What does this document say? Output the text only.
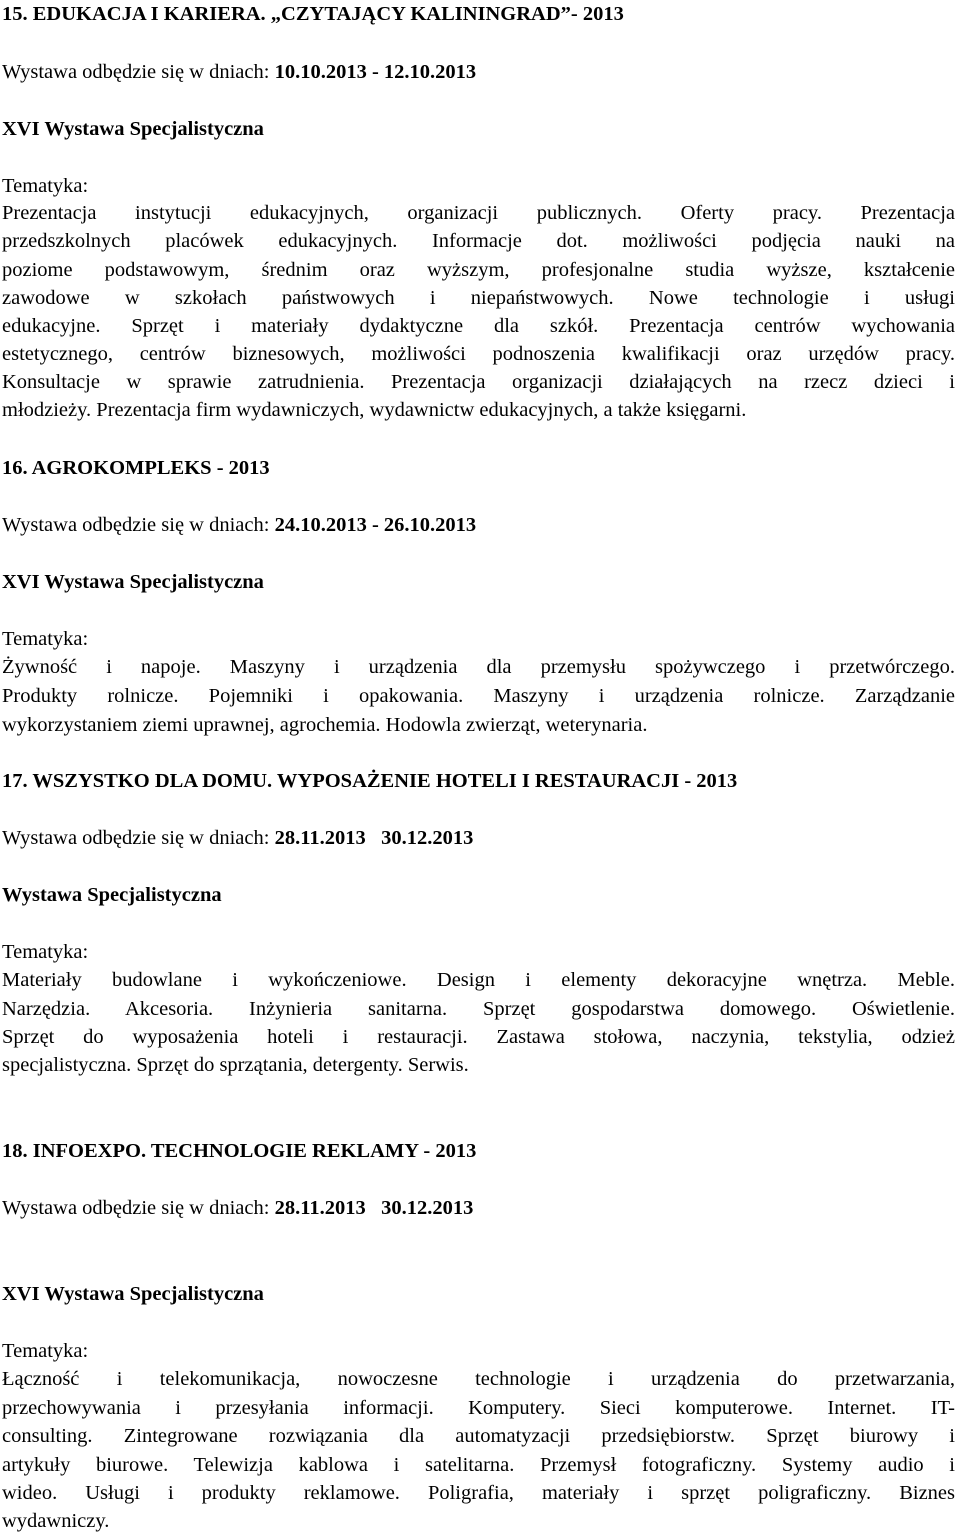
15. EDUKACJA I KARIERA. „CZYTAJĄCY KALININGRAD”- 2013
Wystawa odbędzie się w dniach: 10.10.2013 - 12.10.2013
XVI Wystawa Specjalistyczna
Tematyka:
Prezentacja instytucji edukacyjnych, organizacji publicznych. Oferty pracy. Prezentacja
przedszkolnych placówek edukacyjnych. Informacje dot. możliwości podjęcia nauki na
poziome podstawowym, średnim oraz wyższym, profesjonalne studia wyższe, kształcenie
zawodowe w szkołach państwowych i niepaństwowych. Nowe technologie i usługi
edukacyjne. Sprzęt i materiały dydaktyczne dla szkół. Prezentacja centrów wychowania
estetycznego, centrów biznesowych, możliwości podnoszenia kwalifikacji oraz urzędów pracy.
Konsultacje w sprawie zatrudnienia. Prezentacja organizacji działających na rzecz dzieci i
młodzieży. Prezentacja firm wydawniczych, wydawnictw edukacyjnych, a także księgarni.
16. AGROKOMPLEKS - 2013
Wystawa odbędzie się w dniach: 24.10.2013 - 26.10.2013
XVI Wystawa Specjalistyczna
Tematyka:
Żywność i napoje. Maszyny i urządzenia dla przemysłu spożywczego i przetwórczego.
Produkty rolnicze. Pojemniki i opakowania. Maszyny i urządzenia rolnicze. Zarządzanie
wykorzystaniem ziemi uprawnej, agrochemia. Hodowla zwierząt, weterynaria.
17. WSZYSTKO DLA DOMU. WYPOSAŻENIE HOTELI I RESTAURACJI - 2013
Wystawa odbędzie się w dniach: 28.11.2013   30.12.2013
Wystawa Specjalistyczna
Tematyka:
Materiały budowlane i wykończeniowe. Design i elementy dekoracyjne wnętrza. Meble.
Narzędzia. Akcesoria. Inżynieria sanitarna. Sprzęt gospodarstwa domowego. Oświetlenie.
Sprzęt do wyposażenia hoteli i restauracji. Zastawa stołowa, naczynia, tekstylia, odzież
specjalistyczna. Sprzęt do sprzątania, detergenty. Serwis.
18. INFOEXPO. TECHNOLOGIE REKLAMY - 2013
Wystawa odbędzie się w dniach: 28.11.2013   30.12.2013
XVI Wystawa Specjalistyczna
Tematyka:
Łączność i telekomunikacja, nowoczesne technologie i urządzenia do przetwarzania,
przechowywania i przesyłania informacji. Komputery. Sieci komputerowe. Internet. IT-
consulting. Zintegrowane rozwiązania dla automatyzacji przedsiębiorstw. Sprzęt biurowy i
artykuły biurowe. Telewizja kablowa i satelitarna. Przemysł fotograficzny. Systemy audio i
wideo. Usługi i produkty reklamowe. Poligrafia, materiały i sprzęt poligraficzny. Biznes
wydawniczy.
